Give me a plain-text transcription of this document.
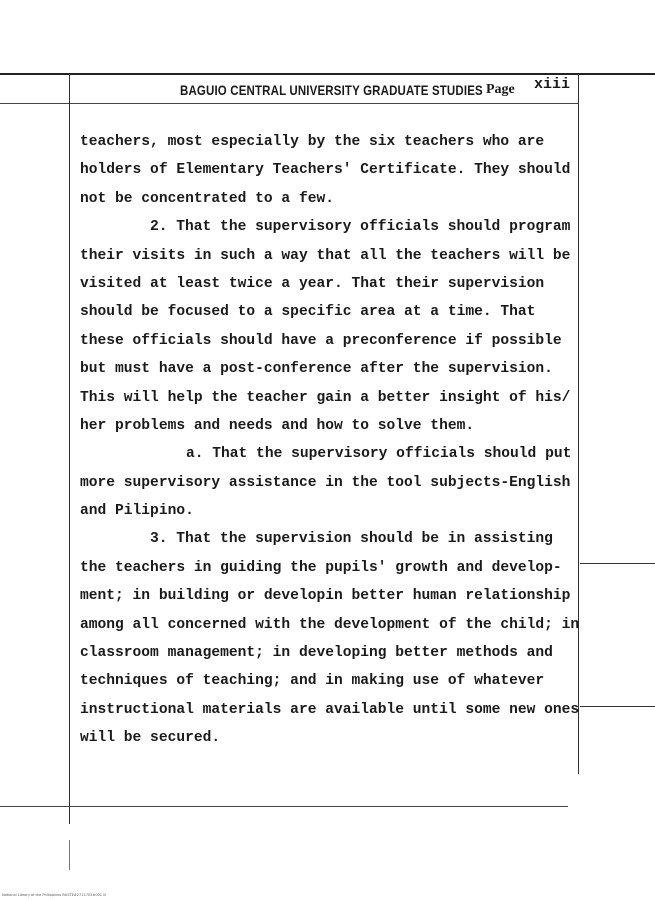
BAGUIO CENTRAL UNIVERSITY GRADUATE STUDIES Page xiii
teachers, most especially by the six teachers who are
holders of Elementary Teachers' Certificate. They should
not be concentrated to a few.
2. That the supervisory officials should program
their visits in such a way that all the teachers will be
visited at least twice a year. That their supervision
should be focused to a specific area at a time. That
these officials should have a preconference if possible
but must have a post-conference after the supervision.
This will help the teacher gain a better insight of his/
her problems and needs and how to solve them.
a. That the supervisory officials should put
more supervisory assistance in the tool subjects-English
and Pilipino.
3. That the supervision should be in assisting
the teachers in guiding the pupils' growth and develop-
ment; in building or developin better human relationship
among all concerned with the development of the child; in
classroom management; in developing better methods and
techniques of teaching; and in making use of whatever
instructional materials are available until some new ones
will be secured.
National Library of the Philippines BUSTE#2711703#001 iii
